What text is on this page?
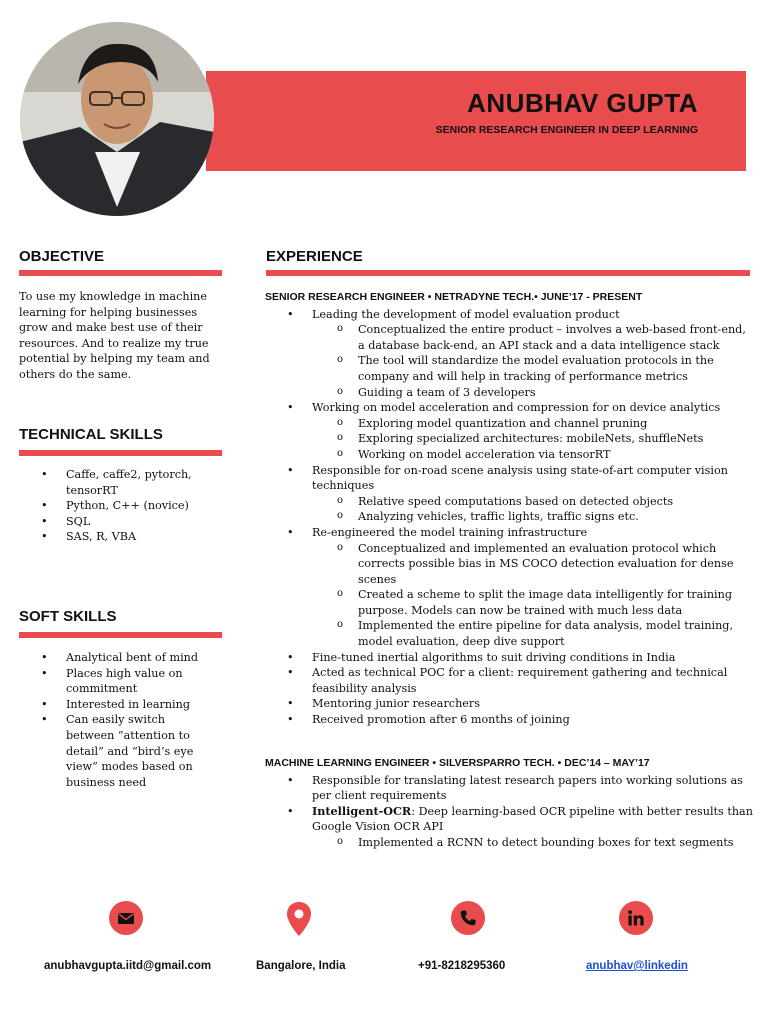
ANUBHAV GUPTA
SENIOR RESEARCH ENGINEER IN DEEP LEARNING
OBJECTIVE

To use my knowledge in machine learning for helping businesses grow and make best use of their resources. And to realize my true potential by helping my team and others do the same.

TECHNICAL SKILLS
• Caffe, caffe2, pytorch, tensorRT
• Python, C++ (novice)
• SQL
• SAS, R, VBA
SOFT SKILLS
• Analytical bent of mind
• Places high value on commitment
• Interested in learning
• Can easily switch between “attention to detail” and “bird’s eye view” modes based on business need
EXPERIENCE
SENIOR RESEARCH ENGINEER • NETRADYNE TECH.• JUNE’17 - PRESENT
• Leading the development of model evaluation product
o Conceptualized the entire product – involves a web-based front-end, a database back-end, an API stack and a data intelligence stack
o The tool will standardize the model evaluation protocols in the company and will help in tracking of performance metrics
o Guiding a team of 3 developers
• Working on model acceleration and compression for on device analytics
o Exploring model quantization and channel pruning
o Exploring specialized architectures: mobileNets, shuffleNets
o Working on model acceleration via tensorRT
• Responsible for on-road scene analysis using state-of-art computer vision techniques
o Relative speed computations based on detected objects
o Analyzing vehicles, traffic lights, traffic signs etc.
• Re-engineered the model training infrastructure
o Conceptualized and implemented an evaluation protocol which corrects possible bias in MS COCO detection evaluation for dense scenes
o Created a scheme to split the image data intelligently for training purpose. Models can now be trained with much less data
o Implemented the entire pipeline for data analysis, model training, model evaluation, deep dive support
• Fine-tuned inertial algorithms to suit driving conditions in India
• Acted as technical POC for a client: requirement gathering and technical feasibility analysis
• Mentoring junior researchers
• Received promotion after 6 months of joining
MACHINE LEARNING ENGINEER • SILVERSPARRO TECH. • DEC’14 – MAY’17
• Responsible for translating latest research papers into working solutions as per client requirements
• Intelligent-OCR: Deep learning-based OCR pipeline with better results than Google Vision OCR API
o Implemented a RCNN to detect bounding boxes for text segments
anubhavgupta.iitd@gmail.com	Bangalore, India	+91-8218295360	anubhav@linkedin
